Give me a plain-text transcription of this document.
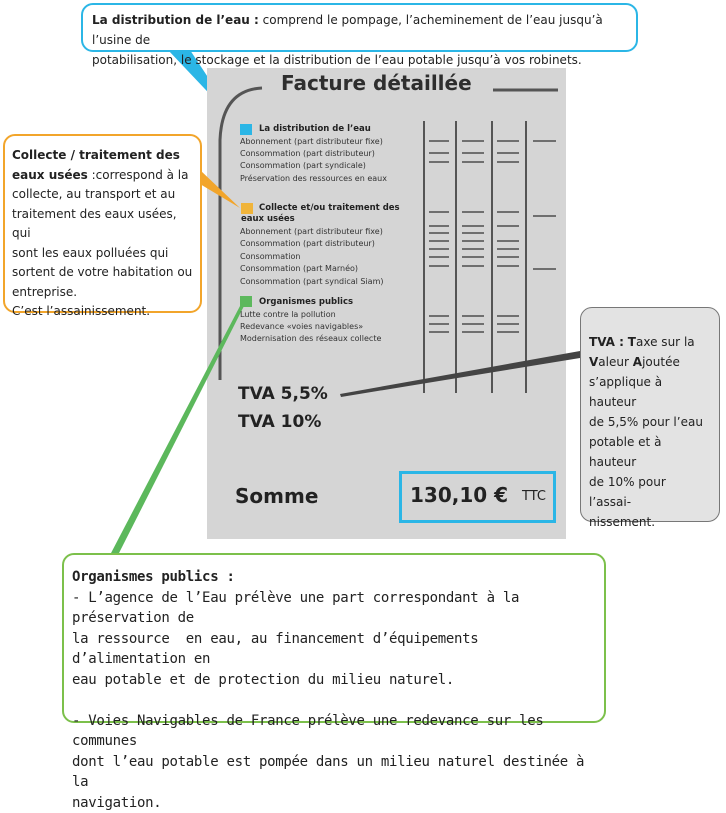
Facture détaillée
La distribution de l’eau
Abonnement (part distributeur fixe)
Consommation (part distributeur)
Consommation (part syndicale)
Préservation des ressources en eaux
Collecte et/ou traitement des eaux usées
Abonnement (part distributeur fixe)
Consommation (part distributeur)
Consommation
Consommation (part Marnéo)
Consommation (part syndical Siam)
Organismes publics
Lutte contre la pollution
Redevance «voies navigables»
Modernisation des réseaux collecte
TVA 5,5%
TVA 10%
Somme	130,10 € TTC
La distribution de l’eau : comprend le pompage, l’acheminement de l’eau jusqu’à l’usine de
potabilisation, le stockage et la distribution de l’eau potable jusqu’à vos robinets.
Collecte / traitement des
eaux usées :correspond à la
collecte, au transport et au
traitement des eaux usées, qui
sont les eaux polluées qui
sortent de votre habitation ou
entreprise.
C’est l’assainissement.
TVA : Taxe sur la
Valeur Ajoutée
s’applique à hauteur
de 5,5% pour l’eau
potable et à hauteur
de 10% pour l’assai-
nissement.
Organismes publics :
- L’agence de l’Eau prélève une part correspondant à la préservation de
la ressource  en eau, au financement d’équipements d’alimentation en
eau potable et de protection du milieu naturel.
- Voies Navigables de France prélève une redevance sur les communes
dont l’eau potable est pompée dans un milieu naturel destinée à la
navigation.
